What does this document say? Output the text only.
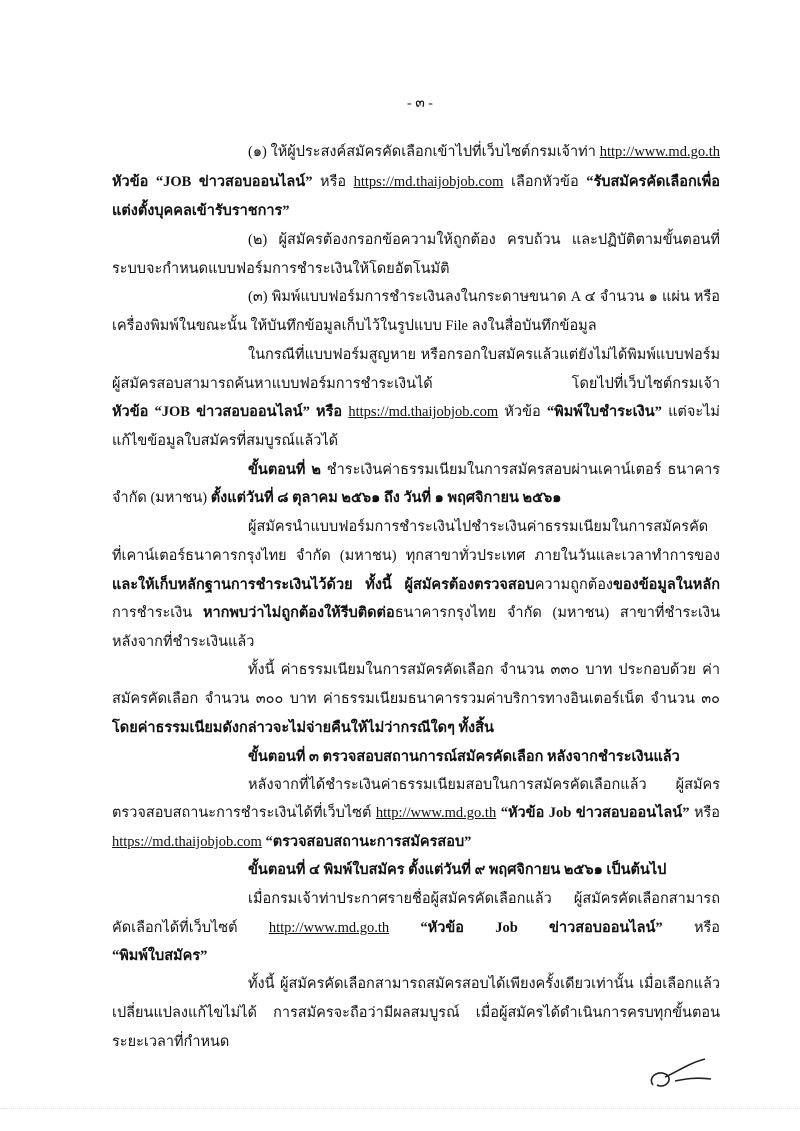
- ๓ -
(๑) ให้ผู้ประสงค์สมัครคัดเลือกเข้าไปที่เว็บไซต์กรมเจ้าท่า http://www.md.go.th
หัวข้อ “JOB ข่าวสอบออนไลน์” หรือ https://md.thaijobjob.com เลือกหัวข้อ “รับสมัครคัดเลือกเพื่อ
แต่งตั้งบุคคลเข้ารับราชการ”
(๒) ผู้สมัครต้องกรอกข้อความให้ถูกต้อง ครบถ้วน และปฏิบัติตามขั้นตอนที่
ระบบจะกำหนดแบบฟอร์มการชำระเงินให้โดยอัตโนมัติ
(๓) พิมพ์แบบฟอร์มการชำระเงินลงในกระดาษขนาด A ๔ จำนวน ๑ แผ่น หรือ
เครื่องพิมพ์ในขณะนั้น ให้บันทึกข้อมูลเก็บไว้ในรูปแบบ File ลงในสื่อบันทึกข้อมูล
ในกรณีที่แบบฟอร์มสูญหาย หรือกรอกใบสมัครแล้วแต่ยังไม่ได้พิมพ์แบบฟอร์ม
ผู้สมัครสอบสามารถค้นหาแบบฟอร์มการชำระเงินได้ โดยไปที่เว็บไซต์กรมเจ้า
หัวข้อ “JOB ข่าวสอบออนไลน์” หรือ https://md.thaijobjob.com หัวข้อ “พิมพ์ใบชำระเงิน” แต่จะไม่
แก้ไขข้อมูลใบสมัครที่สมบูรณ์แล้วได้
ขั้นตอนที่ ๒ ชำระเงินค่าธรรมเนียมในการสมัครสอบผ่านเคาน์เตอร์ ธนาคาร
จำกัด (มหาชน) ตั้งแต่วันที่ ๘ ตุลาคม ๒๕๖๑ ถึง วันที่ ๑ พฤศจิกายน ๒๕๖๑
ผู้สมัครนำแบบฟอร์มการชำระเงินไปชำระเงินค่าธรรมเนียมในการสมัครคัด
ที่เคาน์เตอร์ธนาคารกรุงไทย จำกัด (มหาชน) ทุกสาขาทั่วประเทศ ภายในวันและเวลาทำการของ
และให้เก็บหลักฐานการชำระเงินไว้ด้วย ทั้งนี้ ผู้สมัครต้องตรวจสอบความถูกต้องของข้อมูลในหลัก
การชำระเงิน หากพบว่าไม่ถูกต้องให้รีบติดต่อธนาคารกรุงไทย จำกัด (มหาชน) สาขาที่ชำระเงิน
หลังจากที่ชำระเงินแล้ว
ทั้งนี้ ค่าธรรมเนียมในการสมัครคัดเลือก จำนวน ๓๓๐ บาท ประกอบด้วย ค่า
สมัครคัดเลือก จำนวน ๓๐๐ บาท ค่าธรรมเนียมธนาคารรวมค่าบริการทางอินเตอร์เน็ต จำนวน ๓๐
โดยค่าธรรมเนียมดังกล่าวจะไม่จ่ายคืนให้ไม่ว่ากรณีใดๆ ทั้งสิ้น
ขั้นตอนที่ ๓ ตรวจสอบสถานการณ์สมัครคัดเลือก หลังจากชำระเงินแล้ว
หลังจากที่ได้ชำระเงินค่าธรรมเนียมสอบในการสมัครคัดเลือกแล้ว ผู้สมัคร
ตรวจสอบสถานะการชำระเงินได้ที่เว็บไซต์ http://www.md.go.th “หัวข้อ Job ข่าวสอบออนไลน์” หรือ
https://md.thaijobjob.com “ตรวจสอบสถานะการสมัครสอบ”
ขั้นตอนที่ ๔ พิมพ์ใบสมัคร ตั้งแต่วันที่ ๙ พฤศจิกายน ๒๕๖๑ เป็นต้นไป
เมื่อกรมเจ้าท่าประกาศรายชื่อผู้สมัครคัดเลือกแล้ว ผู้สมัครคัดเลือกสามารถ
คัดเลือกได้ที่เว็บไซต์ http://www.md.go.th “หัวข้อ Job ข่าวสอบออนไลน์” หรือ
“พิมพ์ใบสมัคร”
ทั้งนี้ ผู้สมัครคัดเลือกสามารถสมัครสอบได้เพียงครั้งเดียวเท่านั้น เมื่อเลือกแล้ว
เปลี่ยนแปลงแก้ไขไม่ได้ การสมัครจะถือว่ามีผลสมบูรณ์ เมื่อผู้สมัครได้ดำเนินการครบทุกขั้นตอน
ระยะเวลาที่กำหนด
